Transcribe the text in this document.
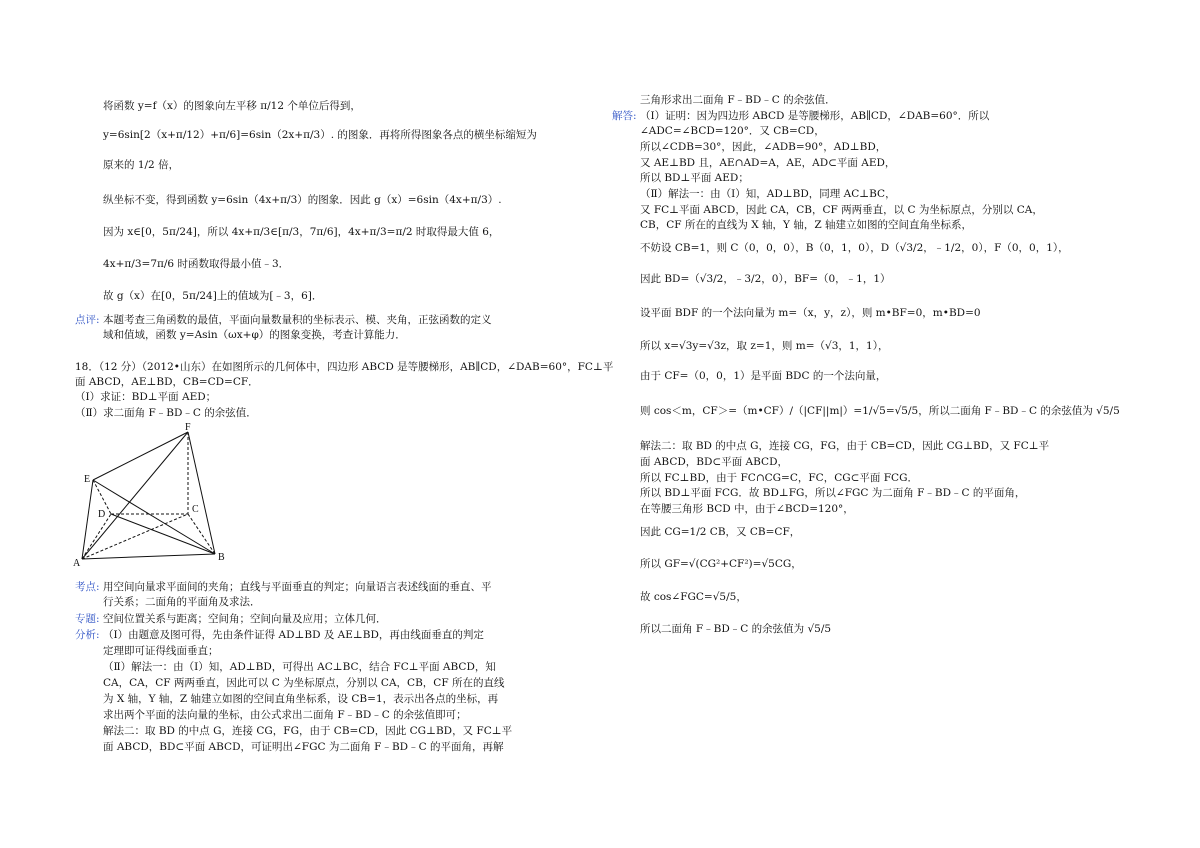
将函数 y=f（x）的图象向左平移 π/12 个单位后得到，
y=6sin[2（x+π/12）+π/6]=6sin（2x+π/3）. 的图象．再将所得图象各点的横坐标缩短为
原来的 1/2 倍，
纵坐标不变，得到函数 y=6sin（4x+π/3）的图象．因此 g（x）=6sin（4x+π/3）.
因为 x∈[0，5π/24]，所以 4x+π/3∈[π/3，7π/6]，4x+π/3=π/2 时取得最大值 6，
4x+π/3=7π/6 时函数取得最小值﹣3．
故 g（x）在[0，5π/24]上的值域为[﹣3，6]．
点评: 本题考查三角函数的最值，平面向量数量积的坐标表示、模、夹角，正弦函数的定义
域和值域，函数 y=Asin（ωx+φ）的图象变换，考查计算能力．
18．（12 分）（2012•山东）在如图所示的几何体中，四边形 ABCD 是等腰梯形，AB∥CD，∠DAB=60°，FC⊥平
面 ABCD，AE⊥BD，CB=CD=CF．
（Ⅰ）求证：BD⊥平面 AED；
（Ⅱ）求二面角 F﹣BD﹣C 的余弦值．
F
E
D	C
A
B
考点: 用空间向量求平面间的夹角；直线与平面垂直的判定；向量语言表述线面的垂直、平
行关系；二面角的平面角及求法．
专题: 空间位置关系与距离；空间角；空间向量及应用；立体几何．
分析: （Ⅰ）由题意及图可得，先由条件证得 AD⊥BD 及 AE⊥BD，再由线面垂直的判定
定理即可证得线面垂直；
（Ⅱ）解法一：由（Ⅰ）知，AD⊥BD，可得出 AC⊥BC，结合 FC⊥平面 ABCD，知
CA，CA，CF 两两垂直，因此可以 C 为坐标原点，分别以 CA，CB，CF 所在的直线
为 X 轴，Y 轴，Z 轴建立如图的空间直角坐标系，设 CB=1，表示出各点的坐标，再
求出两个平面的法向量的坐标，由公式求出二面角 F﹣BD﹣C 的余弦值即可；
解法二：取 BD 的中点 G，连接 CG，FG，由于 CB=CD，因此 CG⊥BD，又 FC⊥平
面 ABCD，BD⊂平面 ABCD，可证明出∠FGC 为二面角 F﹣BD﹣C 的平面角，再解
三角形求出二面角 F﹣BD﹣C 的余弦值．
解答: （Ⅰ）证明：因为四边形 ABCD 是等腰梯形，AB∥CD，∠DAB=60°．所以
∠ADC=∠BCD=120°．又 CB=CD，
所以∠CDB=30°，因此，∠ADB=90°，AD⊥BD，
又 AE⊥BD 且，AE∩AD=A，AE，AD⊂平面 AED，
所以 BD⊥平面 AED；
（Ⅱ）解法一：由（Ⅰ）知，AD⊥BD，同理 AC⊥BC，
又 FC⊥平面 ABCD，因此 CA，CB，CF 两两垂直，以 C 为坐标原点，分别以 CA，
CB，CF 所在的直线为 X 轴，Y 轴，Z 轴建立如图的空间直角坐标系，
不妨设 CB=1，则 C（0，0，0），B（0，1，0），D（√3/2，﹣1/2，0），F（0，0，1），
因此 BD=（√3/2，﹣3/2，0），BF=（0，﹣1，1）
设平面 BDF 的一个法向量为 m=（x，y，z），则 m•BF=0，m•BD=0
所以 x=√3y=√3z，取 z=1，则 m=（√3，1，1），
由于 CF=（0，0，1）是平面 BDC 的一个法向量，
则 cos＜m，CF＞=（m•CF）/（|CF||m|）=1/√5=√5/5，所以二面角 F﹣BD﹣C 的余弦值为 √5/5
解法二：取 BD 的中点 G，连接 CG，FG，由于 CB=CD，因此 CG⊥BD，又 FC⊥平
面 ABCD，BD⊂平面 ABCD，
所以 FC⊥BD，由于 FC∩CG=C，FC，CG⊂平面 FCG．
所以 BD⊥平面 FCG．故 BD⊥FG，所以∠FGC 为二面角 F﹣BD﹣C 的平面角，
在等腰三角形 BCD 中，由于∠BCD=120°，
因此 CG=1/2 CB，又 CB=CF，
所以 GF=√(CG²+CF²)=√5CG，
故 cos∠FGC=√5/5，
所以二面角 F﹣BD﹣C 的余弦值为 √5/5
